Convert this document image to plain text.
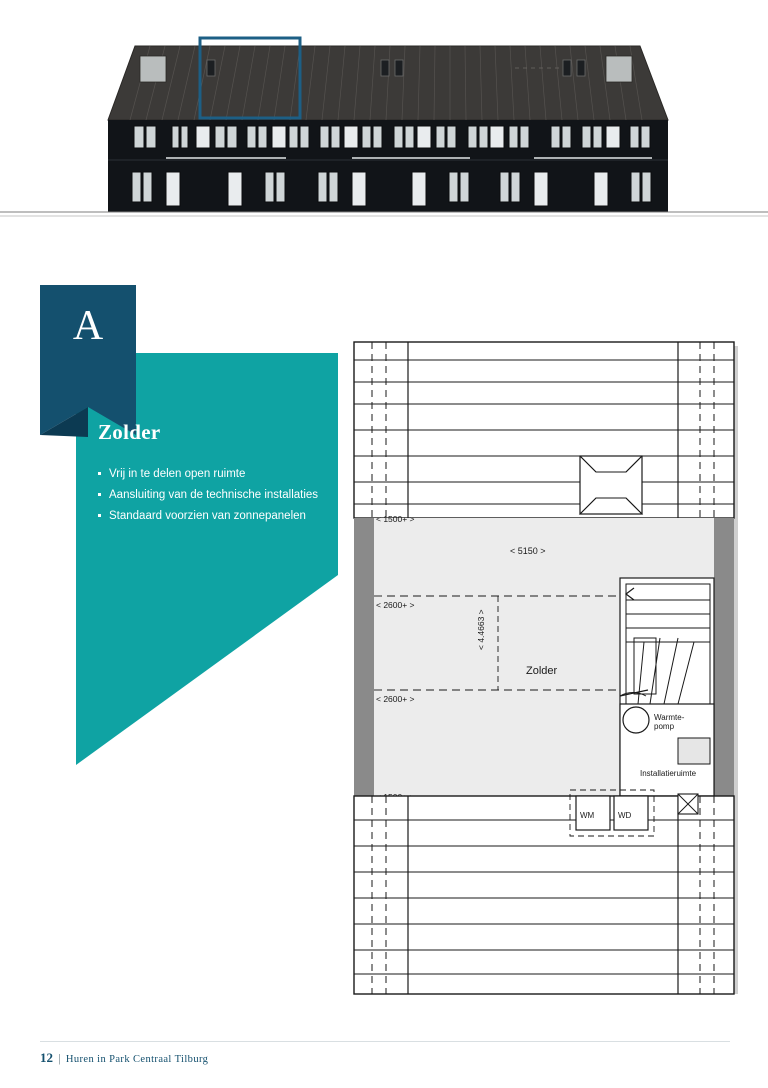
A
Zolder
Vrij in te delen open ruimte
Aansluiting van de technische installaties
Standaard voorzien van zonnepanelen	< 1500+ >
< 5150 >
< 2600+ >
< 2600+ >
< 4.4663 >
Zolder
Warmte-
pomp
Installatieruimte
WM	WD
12 | Huren in Park Centraal Tilburg
